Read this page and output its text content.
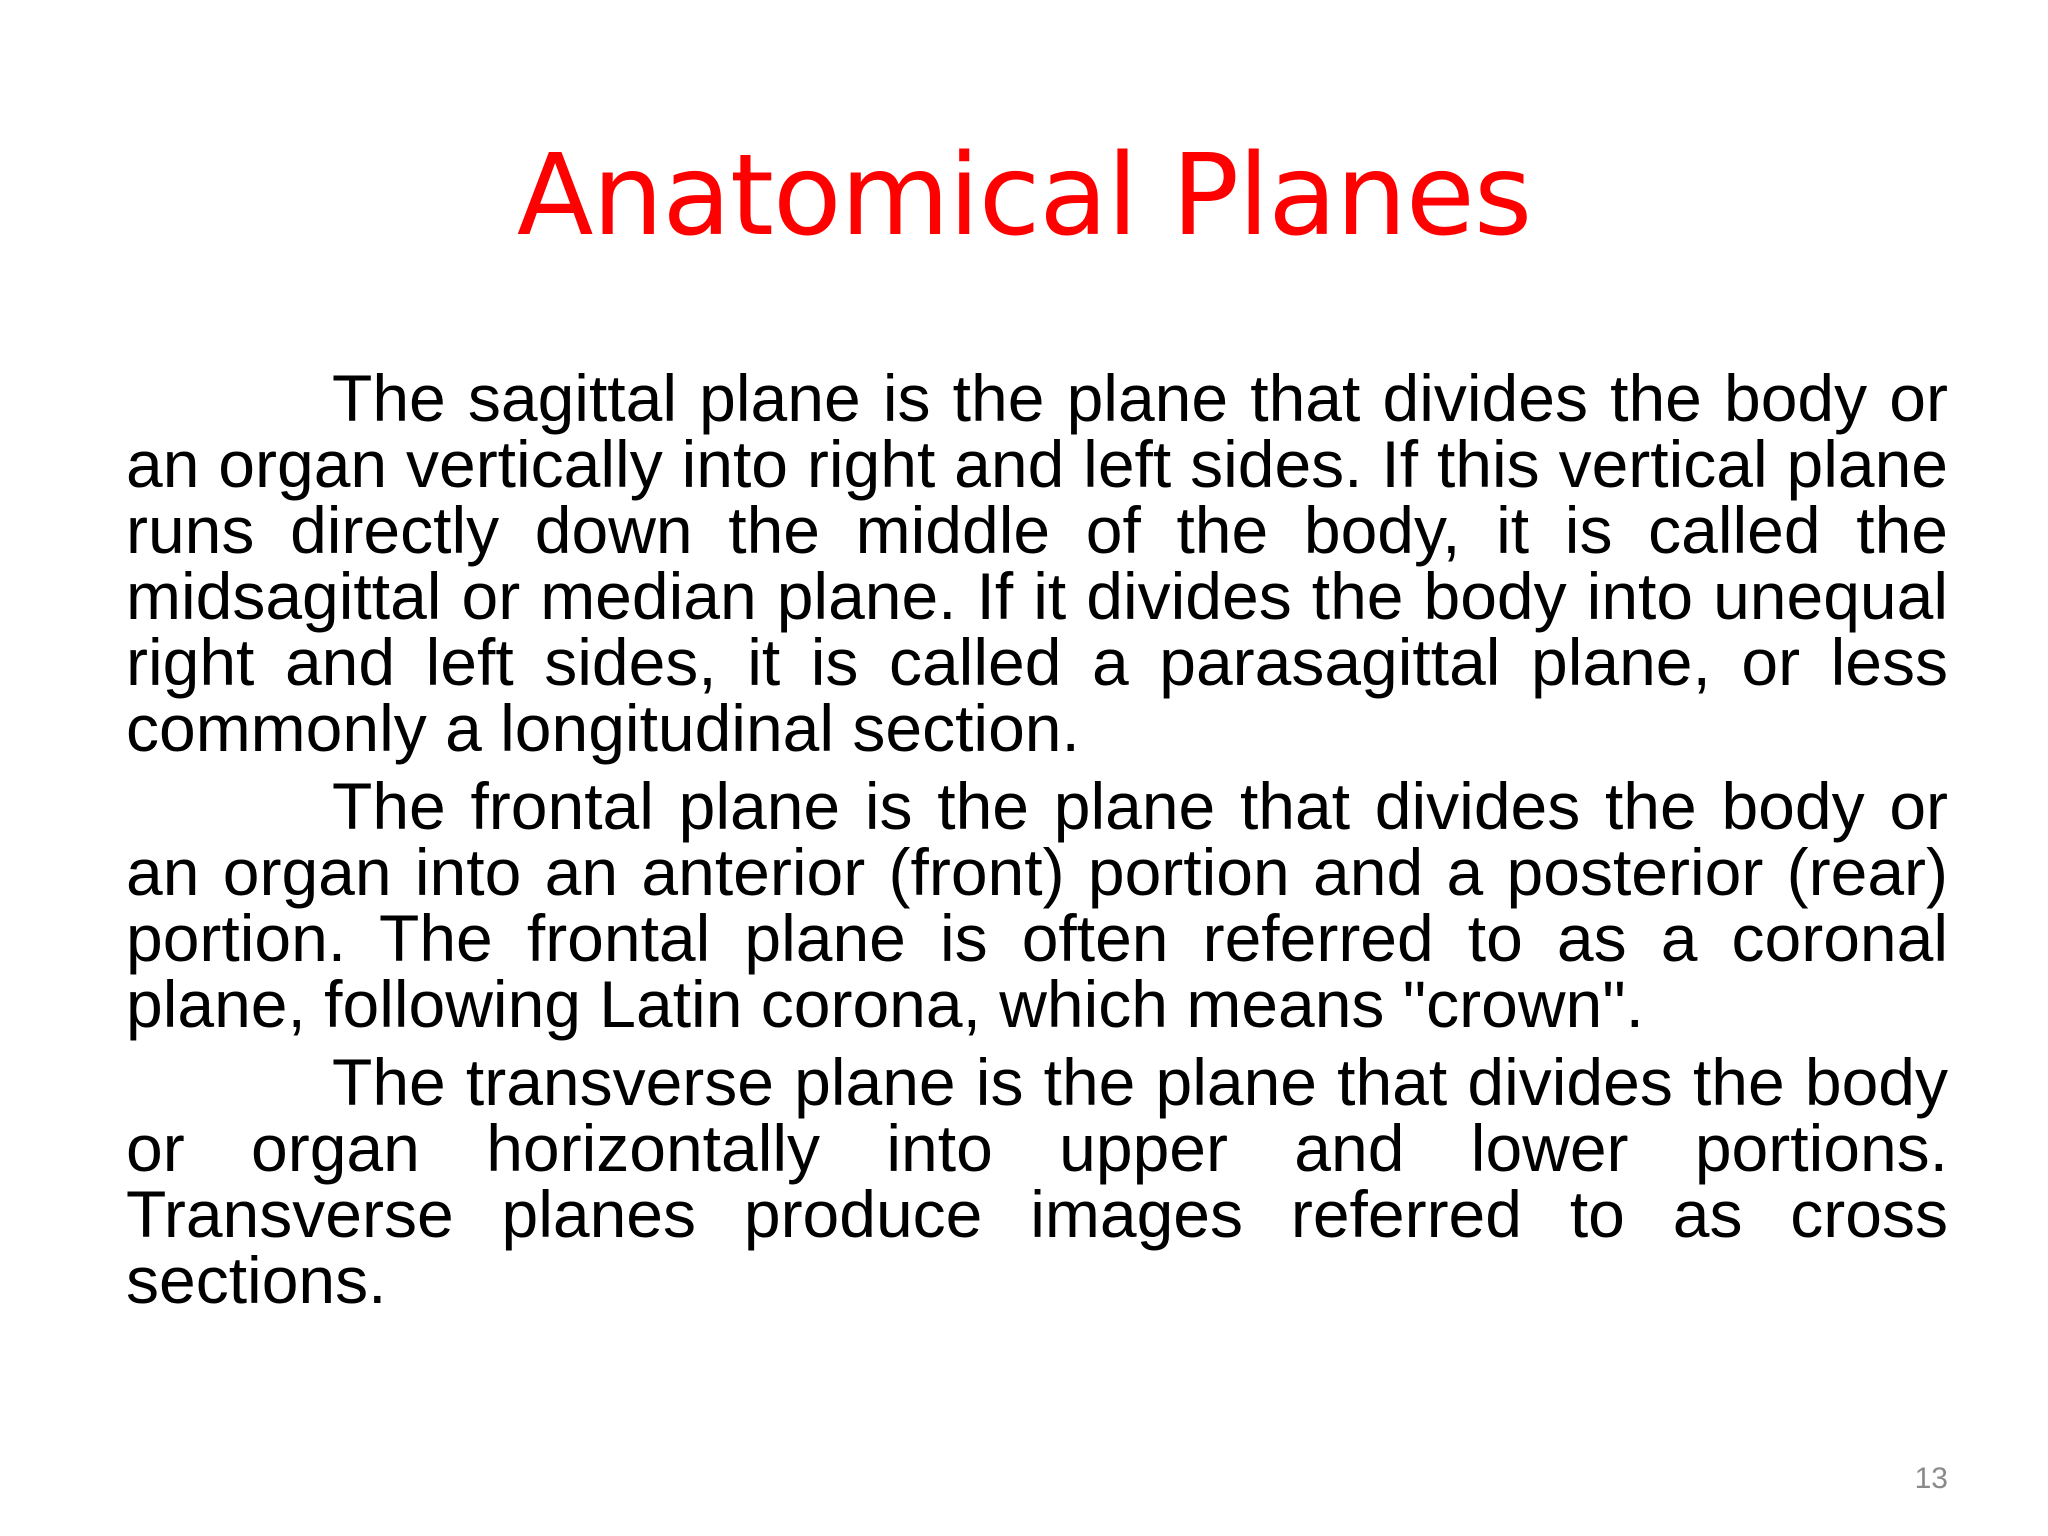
Anatomical Planes

The sagittal plane is the plane that divides the body or an organ vertically into right and left sides. If this vertical plane runs directly down the middle of the body, it is called the midsagittal or median plane. If it divides the body into unequal right and left sides, it is called a parasagittal plane, or less commonly a longitudinal section.

The frontal plane is the plane that divides the body or an organ into an anterior (front) portion and a posterior (rear) portion. The frontal plane is often referred to as a coronal plane, following Latin corona, which means "crown".

The transverse plane is the plane that divides the body or organ horizontally into upper and lower portions. Transverse planes produce images referred to as cross sections.

13
